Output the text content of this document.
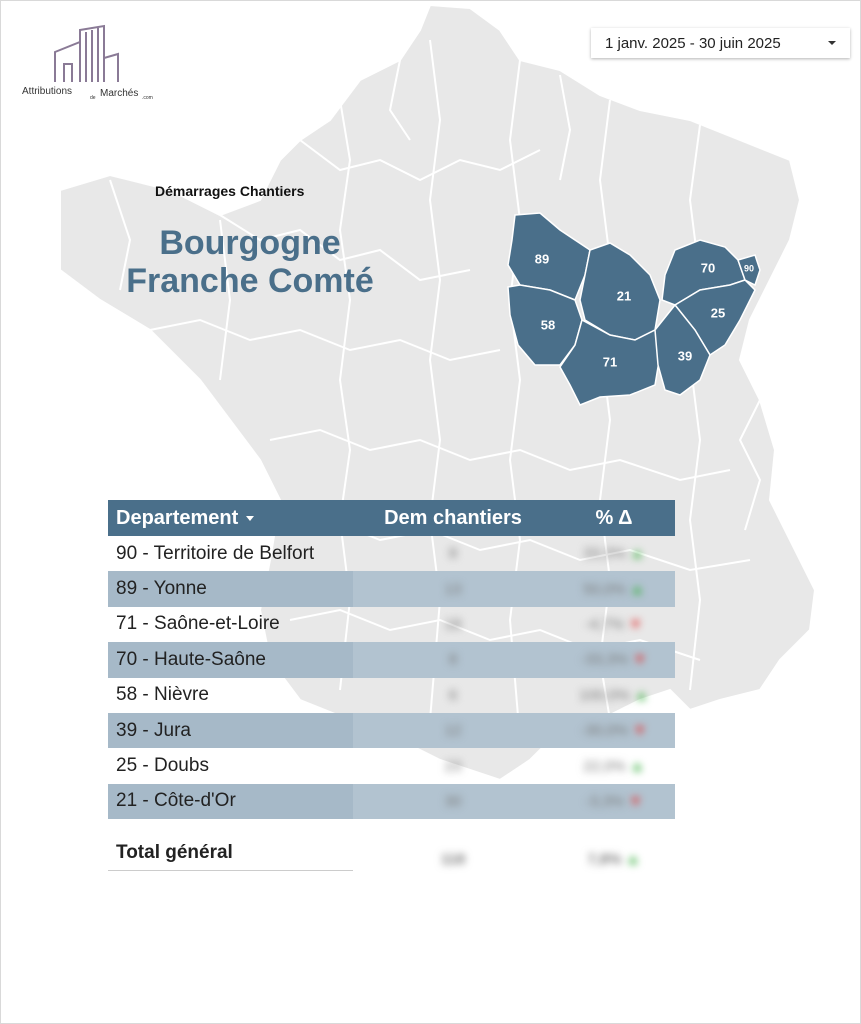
Attributions
de Marchés .com
1 janv. 2025 - 30 juin 2025
Démarrages Chantiers
Bourgogne
Franche Comté
89
21
70	90
58
25
71	39
Departement	Dem chantiers	% Δ
90 - Territoire de Belfort	8	33,3% ▲
89 - Yonne	13	50,0% ▲
71 - Saône-et-Loire	18	-4,7% ▼
70 - Haute-Saône	8	-33,3% ▼
58 - Nièvre	6	100,0% ▲
39 - Jura	12	-30,0% ▼
25 - Doubs	23	22,0% ▲
21 - Côte-d'Or	30	-3,3% ▼
Total général	118	7,8% ▲
